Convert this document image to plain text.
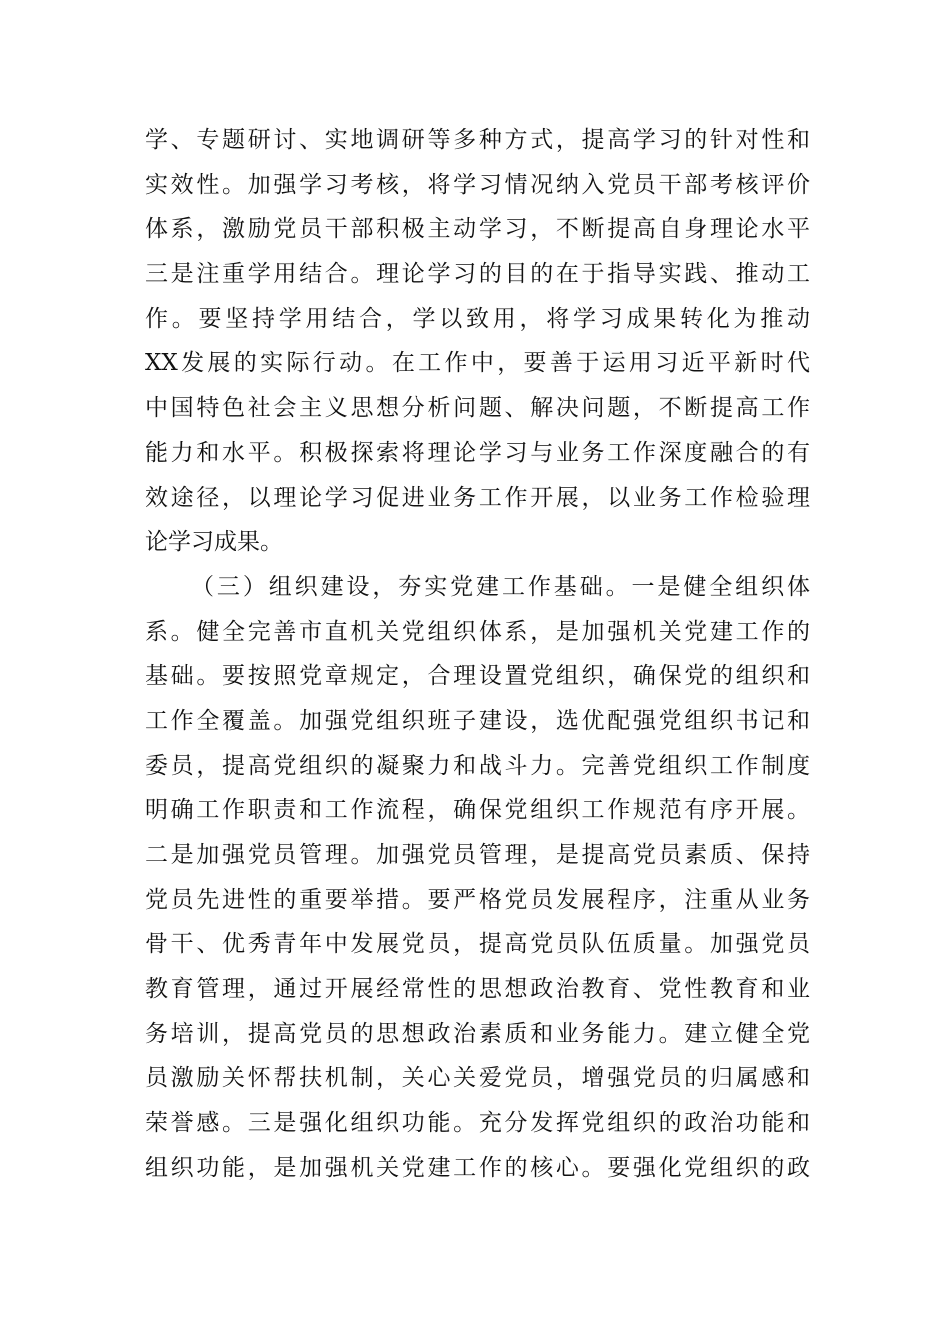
学、专题研讨、实地调研等多种方式，提高学习的针对性和
实效性。加强学习考核，将学习情况纳入党员干部考核评价
体系，激励党员干部积极主动学习，不断提高自身理论水平
三是注重学用结合。理论学习的目的在于指导实践、推动工
作。要坚持学用结合，学以致用，将学习成果转化为推动
XX发展的实际行动。在工作中，要善于运用习近平新时代
中国特色社会主义思想分析问题、解决问题，不断提高工作
能力和水平。积极探索将理论学习与业务工作深度融合的有
效途径，以理论学习促进业务工作开展，以业务工作检验理
论学习成果。
（三）组织建设，夯实党建工作基础。一是健全组织体
系。健全完善市直机关党组织体系，是加强机关党建工作的
基础。要按照党章规定，合理设置党组织，确保党的组织和
工作全覆盖。加强党组织班子建设，选优配强党组织书记和
委员，提高党组织的凝聚力和战斗力。完善党组织工作制度
明确工作职责和工作流程，确保党组织工作规范有序开展。
二是加强党员管理。加强党员管理，是提高党员素质、保持
党员先进性的重要举措。要严格党员发展程序，注重从业务
骨干、优秀青年中发展党员，提高党员队伍质量。加强党员
教育管理，通过开展经常性的思想政治教育、党性教育和业
务培训，提高党员的思想政治素质和业务能力。建立健全党
员激励关怀帮扶机制，关心关爱党员，增强党员的归属感和
荣誉感。三是强化组织功能。充分发挥党组织的政治功能和
组织功能，是加强机关党建工作的核心。要强化党组织的政
